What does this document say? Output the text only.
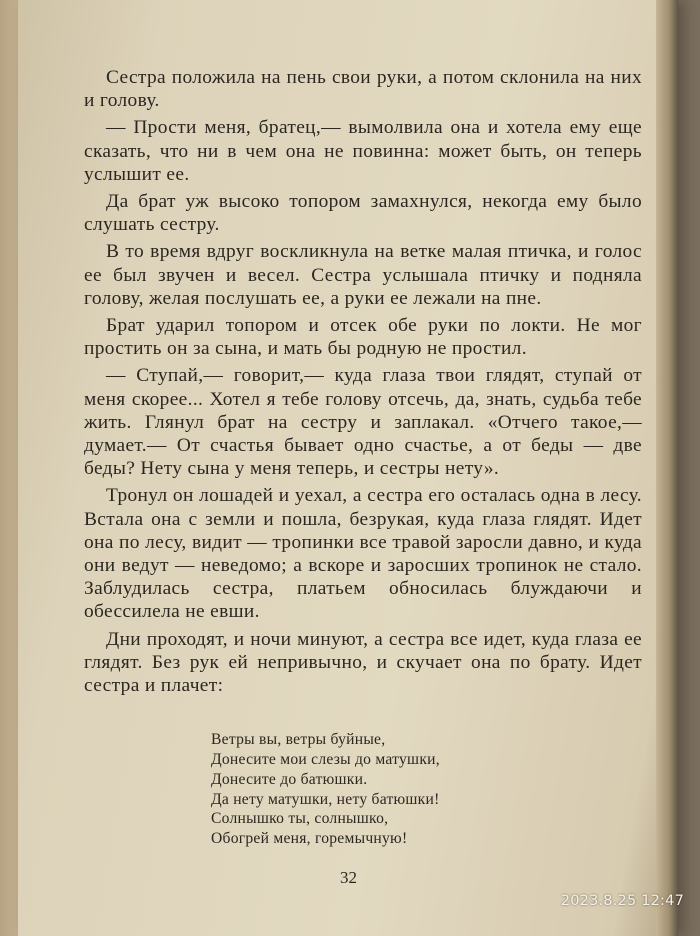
Сестра положила на пень свои руки, а потом склонила на них и голову.

— Прости меня, братец,— вымолвила она и хотела ему еще сказать, что ни в чем она не повинна: может быть, он теперь услышит ее.

Да брат уж высоко топором замахнулся, некогда ему было слушать сестру.

В то время вдруг воскликнула на ветке малая птичка, и голос ее был звучен и весел. Сестра услышала птичку и подняла голову, желая послушать ее, а руки ее лежали на пне.

Брат ударил топором и отсек обе руки по локти. Не мог простить он за сына, и мать бы родную не простил.

— Ступай,— говорит,— куда глаза твои глядят, ступай от меня скорее... Хотел я тебе голову отсечь, да, знать, судьба тебе жить. Глянул брат на сестру и заплакал. «Отчего такое,— думает.— От счастья бывает одно счастье, а от беды — две беды? Нету сына у меня теперь, и сестры нету».

Тронул он лошадей и уехал, а сестра его осталась одна в лесу. Встала она с земли и пошла, безрукая, куда глаза глядят. Идет она по лесу, видит — тропинки все травой заросли давно, и куда они ведут — неведомо; а вскоре и заросших тропинок не стало. Заблудилась сестра, платьем обносилась блуждаючи и обессилела не евши.

Дни проходят, и ночи минуют, а сестра все идет, куда глаза ее глядят. Без рук ей непривычно, и скучает она по брату. Идет сестра и плачет:

Ветры вы, ветры буйные,
Донесите мои слезы до матушки,
Донесите до батюшки.
Да нету матушки, нету батюшки!
Солнышко ты, солнышко,
Обогрей меня, горемычную!
32
2023.8.25 12:47
